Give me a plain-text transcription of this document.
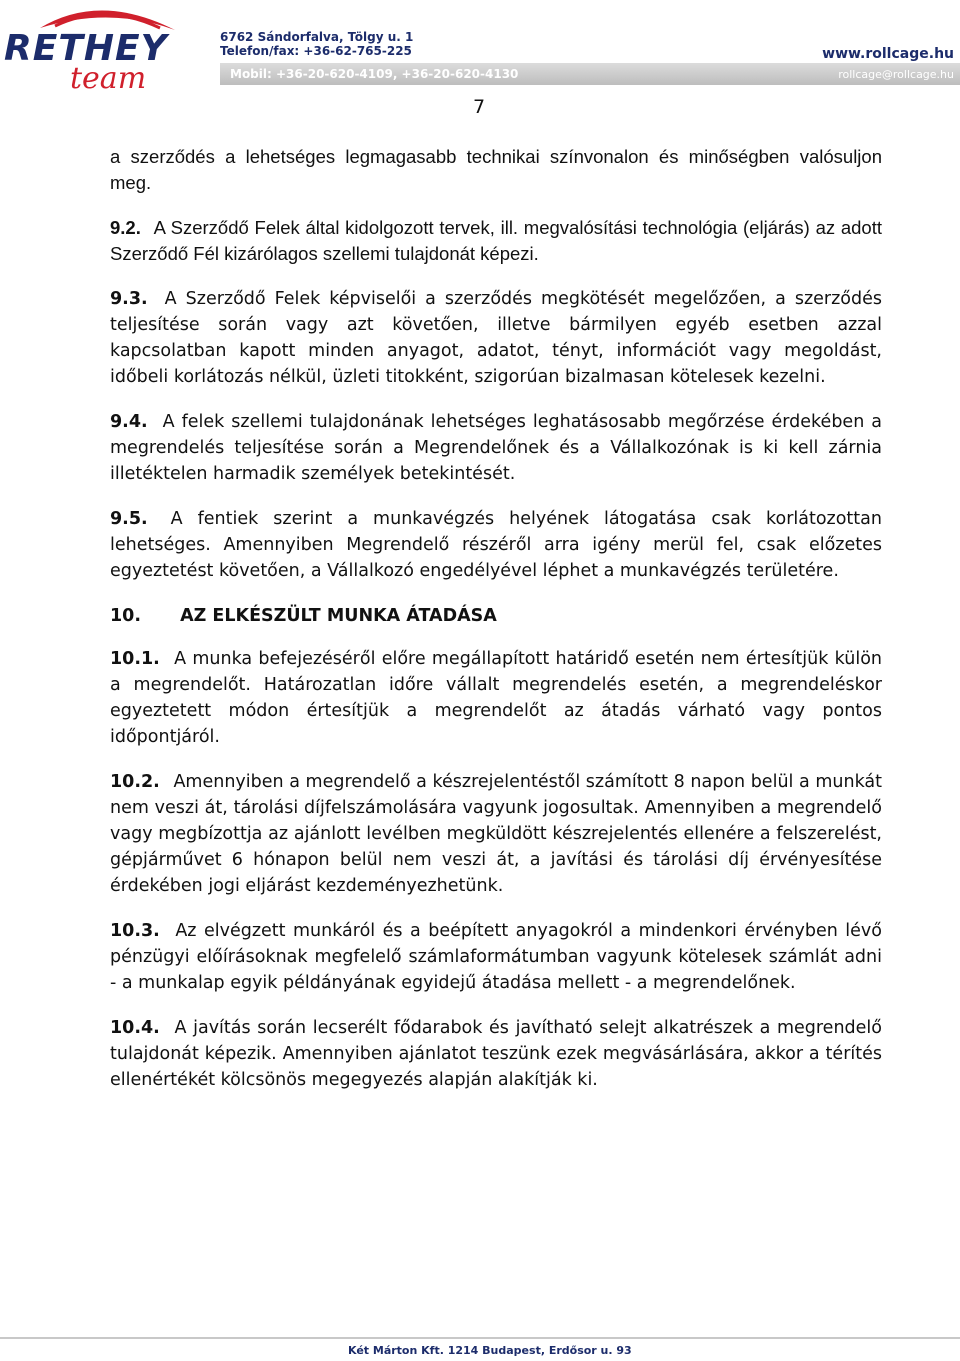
RETHEY
team
6762 Sándorfalva, Tölgy u. 1
Telefon/fax: +36-62-765-225
Mobil: +36-20-620-4109, +36-20-620-4130
www.rollcage.hu
rollcage@rollcage.hu
7

a szerződés a lehetséges legmagasabb technikai színvonalon és minőségben valósuljon meg.

9.2. A Szerződő Felek által kidolgozott tervek, ill. megvalósítási technológia (eljárás) az adott Szerződő Fél kizárólagos szellemi tulajdonát képezi.

9.3. A Szerződő Felek képviselői a szerződés megkötését megelőzően, a szerződés teljesítése során vagy azt követően, illetve bármilyen egyéb esetben azzal kapcsolatban kapott minden anyagot, adatot, tényt, információt vagy megoldást, időbeli korlátozás nélkül, üzleti titokként, szigorúan bizalmasan kötelesek kezelni.

9.4. A felek szellemi tulajdonának lehetséges leghatásosabb megőrzése érdekében a megrendelés teljesítése során a Megrendelőnek és a Vállalkozónak is ki kell zárnia illetéktelen harmadik személyek betekintését.

9.5. A fentiek szerint a munkavégzés helyének látogatása csak korlátozottan lehetséges. Amennyiben Megrendelő részéről arra igény merül fel, csak előzetes egyeztetést követően, a Vállalkozó engedélyével léphet a munkavégzés területére.

10. AZ ELKÉSZÜLT MUNKA ÁTADÁSA

10.1. A munka befejezéséről előre megállapított határidő esetén nem értesítjük külön a megrendelőt. Határozatlan időre vállalt megrendelés esetén, a megrendeléskor egyeztetett módon értesítjük a megrendelőt az átadás várható vagy pontos időpontjáról.

10.2. Amennyiben a megrendelő a készrejelentéstől számított 8 napon belül a munkát nem veszi át, tárolási díjfelszámolására vagyunk jogosultak. Amennyiben a megrendelő vagy megbízottja az ajánlott levélben megküldött készrejelentés ellenére a felszerelést, gépjárművet 6 hónapon belül nem veszi át, a javítási és tárolási díj érvényesítése érdekében jogi eljárást kezdeményezhetünk.

10.3. Az elvégzett munkáról és a beépített anyagokról a mindenkori érvényben lévő pénzügyi előírásoknak megfelelő számlaformátumban vagyunk kötelesek számlát adni - a munkalap egyik példányának egyidejű átadása mellett - a megrendelőnek.

10.4. A javítás során lecserélt fődarabok és javítható selejt alkatrészek a megrendelő tulajdonát képezik. Amennyiben ajánlatot teszünk ezek megvásárlására, akkor a térítés ellenértékét kölcsönös megegyezés alapján alakítják ki.

Két Márton Kft. 1214 Budapest, Erdősor u. 93
